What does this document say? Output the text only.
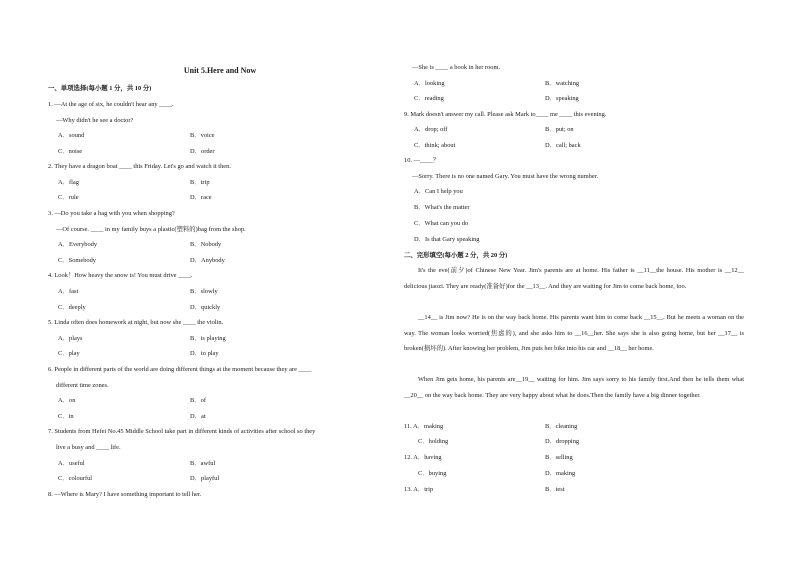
Unit 5.Here and Now
一、单项选择(每小题 1 分，共 10 分)
1. —At the age of six, he couldn't hear any ____.
—Why didn't he see a doctor?
A．sound	B．voice
C．noise	D．order
2. They have a dragon boat ____ this Friday. Let's go and watch it then.
A．flag	B．trip
C．rule	D．race
3. —Do you take a bag with you when shopping?
—Of course. ____ in my family buys a plastic(塑料的)bag from the shop.
A．Everybody	B．Nobody
C．Somebody	D．Anybody
4. Look！How heavy the snow is! You must drive ____.
A．fast	B．slowly
C．deeply	D．quickly
5. Linda often does homework at night, but now she ____ the violin.
A．plays	B．is playing
C．play	D．to play
6. People in different parts of the world are doing different things at the moment because they are ____
different time zones.
A．on	B．of
C．in	D．at
7. Students from Hefei No.45 Middle School take part in different kinds of activities after school so they
live a busy and ____ life.
A．useful	B．awful
C．colourful	D．playful
8. —Where is Mary? I have something important to tell her.
—She is ____ a book in her room.
A．looking	B．watching
C．reading	D．speaking
9. Mark doesn't answer my call. Please ask Mark to____ me ____ this evening.
A．drop; off	B．put; on
C．think; about	D．call; back
10. —____？
—Sorry. There is no one named Gary. You must have the wrong number.
A．Can I help you
B．What's the matter
C．What can you do
D．Is that Gary speaking
二、完形填空(每小题 2 分，共 20 分)
It's the eve(前夕)of Chinese New Year. Jim's parents are at home. His father is __11__the house. His mother is __12__ delicious jiaozi. They are ready(准备好)for the __13__. And they are waiting for Jim to come back home, too.
__14__ is Jim now? He is on the way back home. His parents want him to come back __15__. But he meets a woman on the way. The woman looks worried(焦虑的), and she asks him to __16__her. She says she is also going home, but her __17__ is broken(损坏的). After knowing her problem, Jim puts her bike into his car and __18__ her home.
When Jim gets home, his parents are__19__ waiting for him. Jim says sorry to his family first.And then he tells them what __20__ on the way back home. They are very happy about what he does.Then the family have a big dinner together.
11. A．making	B．cleaning
C．holding	D．dropping
12. A．having	B．selling
C．buying	D．making
13. A．trip	B．test
